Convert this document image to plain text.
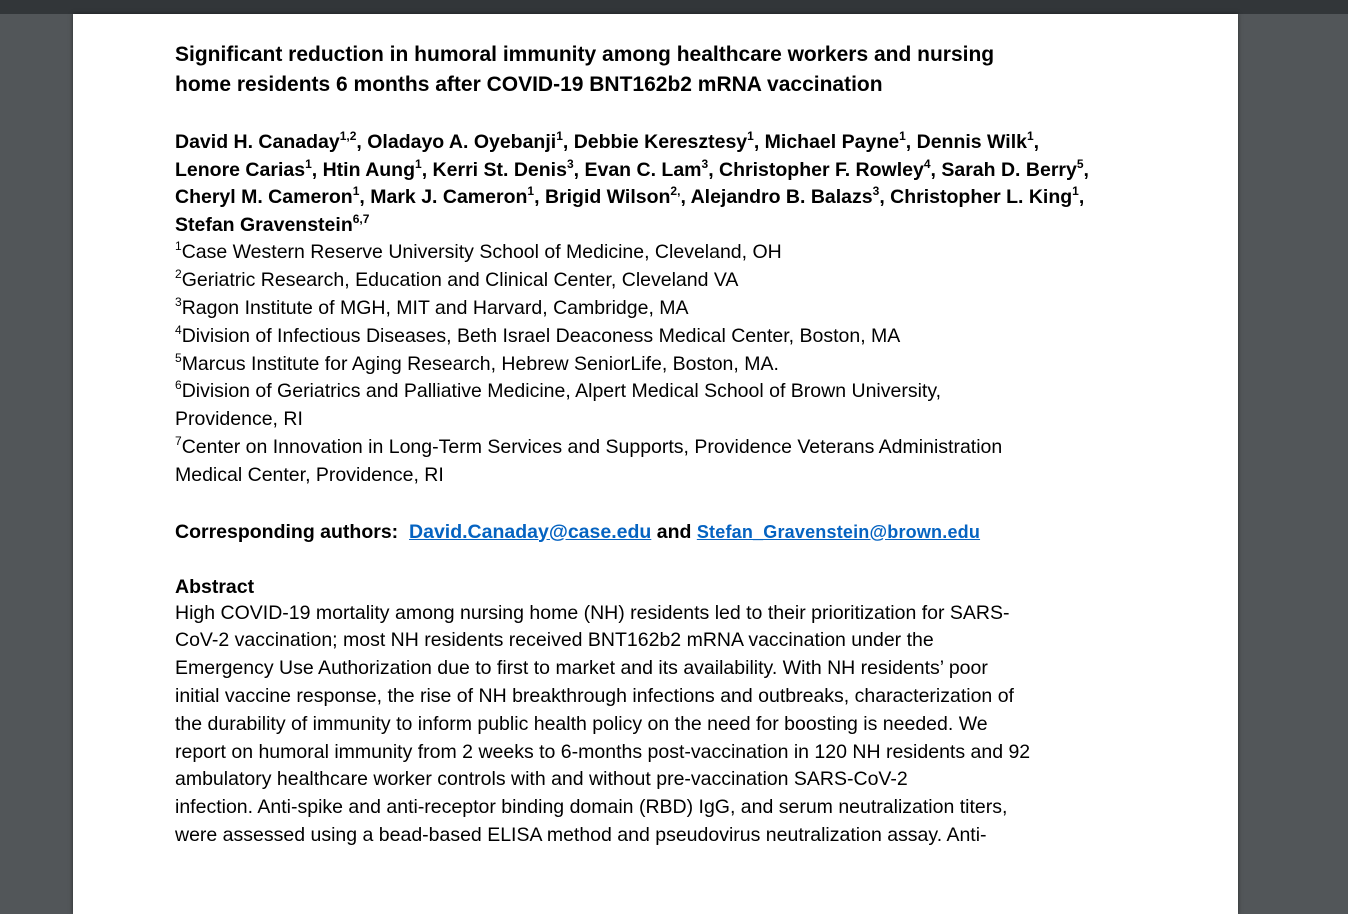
Significant reduction in humoral immunity among healthcare workers and nursing
home residents 6 months after COVID-19 BNT162b2 mRNA vaccination
David H. Canaday$^{1,2}$, Oladayo A. Oyebanji$^1$, Debbie Keresztesy$^1$, Michael Payne$^1$, Dennis Wilk$^1$, Lenore Carias$^1$, Htin Aung$^1$, Kerri St. Denis$^3$, Evan C. Lam$^3$, Christopher F. Rowley$^4$, Sarah D. Berry$^5$, Cheryl M. Cameron$^1$, Mark J. Cameron$^1$, Brigid Wilson$^{2,}$, Alejandro B. Balazs$^3$, Christopher L. King$^1$, Stefan Gravenstein$^{6,7}$
$^1$Case Western Reserve University School of Medicine, Cleveland, OH
$^2$Geriatric Research, Education and Clinical Center, Cleveland VA
$^3$Ragon Institute of MGH, MIT and Harvard, Cambridge, MA
$^4$Division of Infectious Diseases, Beth Israel Deaconess Medical Center, Boston, MA
$^5$Marcus Institute for Aging Research, Hebrew SeniorLife, Boston, MA.
$^6$Division of Geriatrics and Palliative Medicine, Alpert Medical School of Brown University,
Providence, RI
$^7$Center on Innovation in Long-Term Services and Supports, Providence Veterans Administration
Medical Center, Providence, RI
Corresponding authors: David.Canaday@case.edu and Stefan_Gravenstein@brown.edu
Abstract
High COVID-19 mortality among nursing home (NH) residents led to their prioritization for SARS-
CoV-2 vaccination; most NH residents received BNT162b2 mRNA vaccination under the
Emergency Use Authorization due to first to market and its availability. With NH residents’ poor
initial vaccine response, the rise of NH breakthrough infections and outbreaks, characterization of
the durability of immunity to inform public health policy on the need for boosting is needed. We
report on humoral immunity from 2 weeks to 6-months post-vaccination in 120 NH residents and 92
ambulatory healthcare worker controls with and without pre-vaccination SARS-CoV-2
infection. Anti-spike and anti-receptor binding domain (RBD) IgG, and serum neutralization titers,
were assessed using a bead-based ELISA method and pseudovirus neutralization assay. Anti-
